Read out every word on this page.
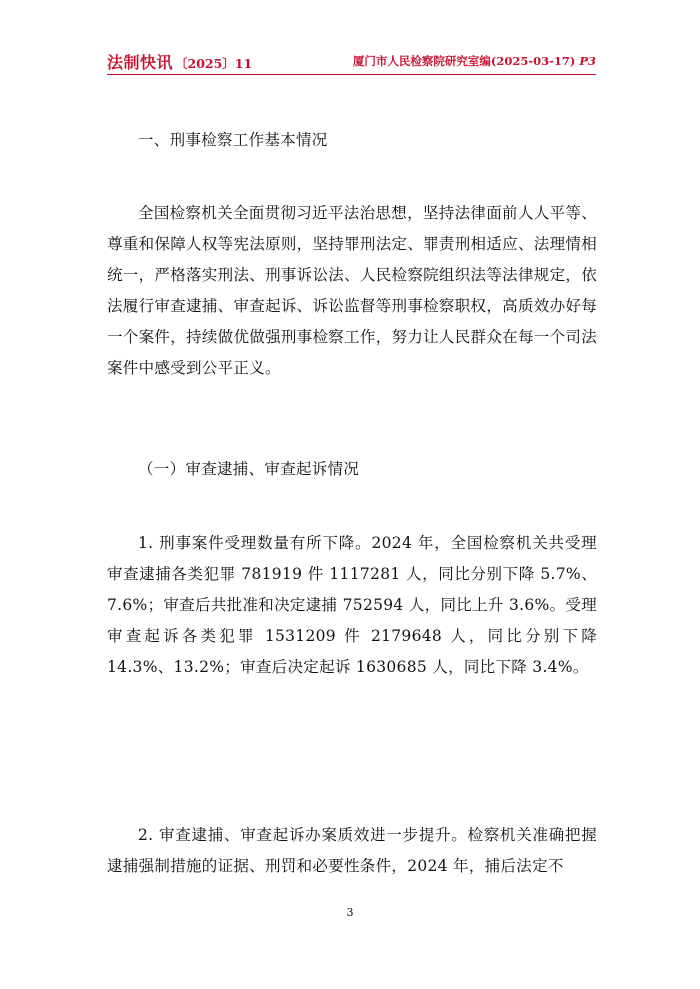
法制快讯 〔2025〕11	厦门市人民检察院研究室编(2025-03-17) P3
一、刑事检察工作基本情况
全国检察机关全面贯彻习近平法治思想，坚持法律面前人人平等、尊重和保障人权等宪法原则，坚持罪刑法定、罪责刑相适应、法理情相统一，严格落实刑法、刑事诉讼法、人民检察院组织法等法律规定，依法履行审查逮捕、审查起诉、诉讼监督等刑事检察职权，高质效办好每一个案件，持续做优做强刑事检察工作，努力让人民群众在每一个司法案件中感受到公平正义。
（一）审查逮捕、审查起诉情况
1. 刑事案件受理数量有所下降。2024 年，全国检察机关共受理审查逮捕各类犯罪 781919 件 1117281 人，同比分别下降 5.7%、7.6%；审查后共批准和决定逮捕 752594 人，同比上升 3.6%。受理审查起诉各类犯罪 1531209 件 2179648 人，同比分别下降 14.3%、13.2%；审查后决定起诉 1630685 人，同比下降 3.4%。
2. 审查逮捕、审查起诉办案质效进一步提升。检察机关准确把握逮捕强制措施的证据、刑罚和必要性条件，2024 年，捕后法定不
3
